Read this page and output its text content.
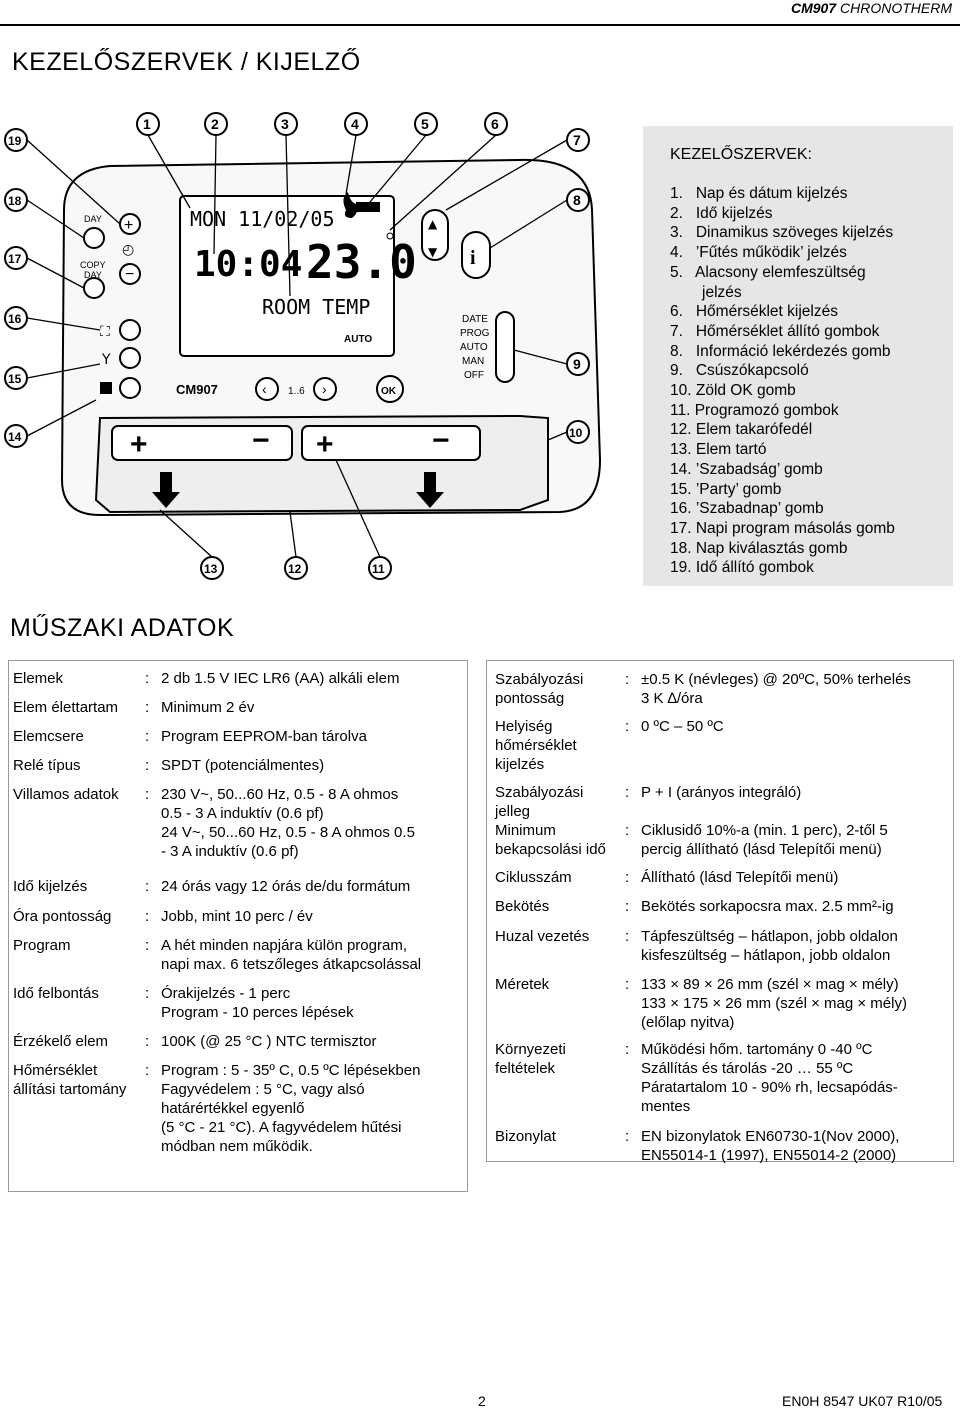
CM907 CHRONOTHERM
KEZELŐSZERVEK / KIJELZŐ
+	− +	−
MON 11/02/05
10:04 23.0
ROOM TEMP
AUTO
DAY
COPY
DAY
+
◴
−
⛶
Y
CM907	‹ 1..6 ›	OK
▲
▼ i
DATE
PROG
AUTO
MAN
OFF
1	2	3	4	5	6
7
8
9
10
11
12
13
14
15
16
17
18
19
KEZELŐSZERVEK:
1.   Nap és dátum kijelzés
2.   Idő kijelzés
3.   Dinamikus szöveges kijelzés
4.   ’Fűtés működik’ jelzés
5.   Alacsony elemfeszültség
jelzés
6.   Hőmérséklet kijelzés
7.   Hőmérséklet állító gombok
8.   Információ lekérdezés gomb
9.   Csúszókapcsoló
10. Zöld OK gomb
11. Programozó gombok
12. Elem takarófedél
13. Elem tartó
14. ’Szabadság’ gomb
15. ’Party’ gomb
16. ’Szabadnap’ gomb
17. Napi program másolás gomb
18. Nap kiválasztás gomb
19. Idő állító gombok
MŰSZAKI ADATOK
Elemek	: 2 db 1.5 V IEC LR6 (AA) alkáli elem
Elem élettartam : Minimum 2 év
Elemcsere	: Program EEPROM-ban tárolva
Relé típus	: SPDT (potenciálmentes)
Villamos adatok : 230 V~, 50...60 Hz, 0.5 - 8 A ohmos
0.5 - 3 A induktív (0.6 pf)
24 V~, 50...60 Hz, 0.5 - 8 A ohmos 0.5
- 3 A induktív (0.6 pf)
Idő kijelzés	: 24 órás vagy 12 órás de/du formátum
Óra pontosság : Jobb, mint 10 perc / év
Program	: A hét minden napjára külön program,
napi max. 6 tetszőleges átkapcsolással
Idő felbontás	: Órakijelzés - 1 perc
Program - 10 perces lépések
Érzékelő elem : 100K (@ 25 °C ) NTC termisztor
Hőmérséklet
állítási tartomány
: Program : 5 - 35º C, 0.5 ºC lépésekben
Fagyvédelem : 5 °C, vagy alsó
határértékkel egyenlő
(5 °C - 21 °C). A fagyvédelem hűtési
módban nem működik.
Szabályozási
pontosság
: ±0.5 K (névleges) @ 20ºC, 50% terhelés
3 K ∆/óra
Helyiség
hőmérséklet
kijelzés
: 0 ºC – 50 ºC
Szabályozási
jelleg
: P + I (arányos integráló)
Minimum
bekapcsolási idő
: Ciklusidő 10%-a (min. 1 perc), 2-től 5
percig állítható (lásd Telepítői menü)
Ciklusszám	: Állítható (lásd Telepítői menü)
Bekötés	: Bekötés sorkapocsra max. 2.5 mm²-ig
Huzal vezetés : Tápfeszültség – hátlapon, jobb oldalon
kisfeszültség – hátlapon, jobb oldalon
Méretek	: 133 × 89 × 26 mm (szél × mag × mély)
133 × 175 × 26 mm (szél × mag × mély)
(előlap nyitva)
Környezeti
feltételek
: Működési hőm. tartomány 0 -40 ºC
Szállítás és tárolás -20 … 55 ºC
Páratartalom 10 - 90% rh, lecsapódás-
mentes
Bizonylat	: EN bizonylatok EN60730-1(Nov 2000),
EN55014-1 (1997), EN55014-2 (2000)
2	EN0H 8547 UK07 R10/05
